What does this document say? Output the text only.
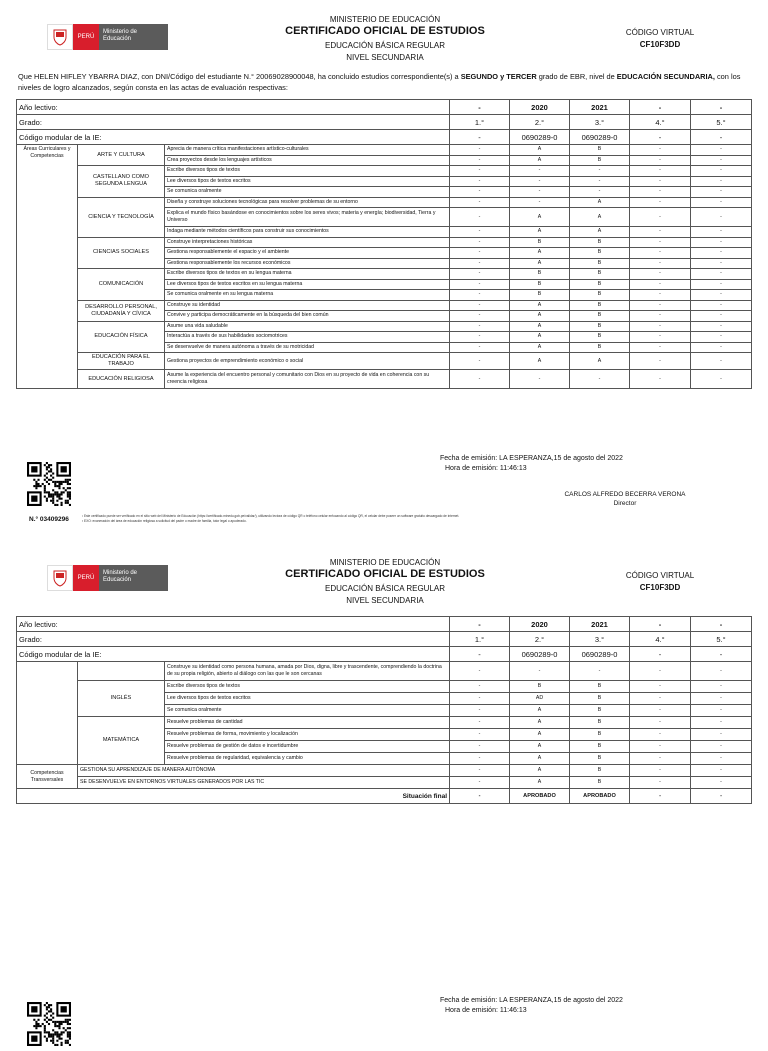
PERÚ
Ministerio de Educación
MINISTERIO DE EDUCACIÓN
CERTIFICADO OFICIAL DE ESTUDIOS
EDUCACIÓN BÁSICA REGULAR
NIVEL SECUNDARIA
CÓDIGO VIRTUAL
CF10F3DD
Que HELEN HIFLEY YBARRA DIAZ, con DNI/Código del estudiante N.° 20069028900048, ha concluido estudios correspondiente(s) a SEGUNDO y TERCER grado de EBR, nivel de EDUCACIÓN SECUNDARIA, con los niveles de logro alcanzados, según consta en las actas de evaluación respectivas:
Año lectivo:			-	2020	2021	-	-
Grado:			1.°	2.°	3.°	4.°	5.°
Código modular de la IE:			-	0690289-0	0690289-0	-	-
Áreas Curriculares y Competencias	ARTE Y CULTURA	Aprecia de manera crítica manifestaciones artístico-culturales	-	A	B	-	-
		Crea proyectos desde los lenguajes artísticos	-	A	B	-	-
	CASTELLANO COMO SEGUNDA LENGUA	Escribe diversos tipos de textos	-	-	-	-	-
		Lee diversos tipos de textos escritos	-	-	-	-	-
		Se comunica oralmente	-	-	-	-	-
	CIENCIA Y TECNOLOGÍA	Diseña y construye soluciones tecnológicas para resolver problemas de su entorno	-	-	A	-	-
		Explica el mundo físico basándose en conocimientos sobre los seres vivos; materia y energía; biodiversidad, Tierra y Universo	-	A	A	-	-
		Indaga mediante métodos científicos para construir sus conocimientos	-	A	A	-	-
	CIENCIAS SOCIALES	Construye interpretaciones históricas	-	B	B	-	-
		Gestiona responsablemente el espacio y el ambiente	-	A	B	-	-
		Gestiona responsablemente los recursos económicos	-	A	B	-	-
	COMUNICACIÓN	Escribe diversos tipos de textos en su lengua materna	-	B	B	-	-
		Lee diversos tipos de textos escritos en su lengua materna	-	B	B	-	-
		Se comunica oralmente en su lengua materna	-	B	B	-	-
	DESARROLLO PERSONAL, CIUDADANÍA Y CÍVICA	Construye su identidad	-	A	B	-	-
		Convive y participa democráticamente en la búsqueda del bien común	-	A	B	-	-
	EDUCACIÓN FÍSICA	Asume una vida saludable	-	A	B	-	-
		Interactúa a través de sus habilidades sociomotrices	-	A	B	-	-
		Se desenvuelve de manera autónoma a través de su motricidad	-	A	B	-	-
	EDUCACIÓN PARA EL TRABAJO	Gestiona proyectos de emprendimiento económico o social	-	A	A	-	-
	EDUCACIÓN RELIGIOSA	Asume la experiencia del encuentro personal y comunitario con Dios en su proyecto de vida en coherencia con su creencia religiosa	-	-	-	-	-
N.° 03409296
Fecha de emisión: LA ESPERANZA,15 de agosto del 2022
Hora de emisión: 11:46:13
CARLOS ALFREDO BECERRA VERONA
Director
¹ Este certificado puede ser verificado en el sitio web del Ministerio de Educación (https://certificado.minedu.gob.pe/validar/), utilizando lectora de código QR o teléfono celular enfocando al código QR, el celular debe poseer un software gratuito descargado de internet.
² EXO: exoneración del área de educación religiosa a solicitud del padre o madre de familia, tutor legal o apoderado.
PERÚ
Ministerio de Educación
MINISTERIO DE EDUCACIÓN
CERTIFICADO OFICIAL DE ESTUDIOS
EDUCACIÓN BÁSICA REGULAR
NIVEL SECUNDARIA
CÓDIGO VIRTUAL
CF10F3DD
Año lectivo:			-	2020	2021	-	-
Grado:			1.°	2.°	3.°	4.°	5.°
Código modular de la IE:			-	0690289-0	0690289-0	-	-
		Construye su identidad como persona humana, amada por Dios, digna, libre y trascendente, comprendiendo la doctrina de su propia religión, abierto al diálogo con las que le son cercanas	-	-	-	-	-
	INGLÉS	Escribe diversos tipos de textos	-	B	B	-	-
		Lee diversos tipos de textos escritos	-	AD	B	-	-
		Se comunica oralmente	-	A	B	-	-
	MATEMÁTICA	Resuelve problemas de cantidad	-	A	B	-	-
		Resuelve problemas de forma, movimiento y localización	-	A	B	-	-
		Resuelve problemas de gestión de datos e incertidumbre	-	A	B	-	-
		Resuelve problemas de regularidad, equivalencia y cambio	-	A	B	-	-
Competencias Transversales	GESTIONA SU APRENDIZAJE DE MANERA AUTÓNOMA		-	A	B	-	-
	SE DESENVUELVE EN ENTORNOS VIRTUALES GENERADOS POR LAS TIC		-	A	B	-	-
Situación final			-	APROBADO	APROBADO	-	-
Fecha de emisión: LA ESPERANZA,15 de agosto del 2022
Hora de emisión: 11:46:13
